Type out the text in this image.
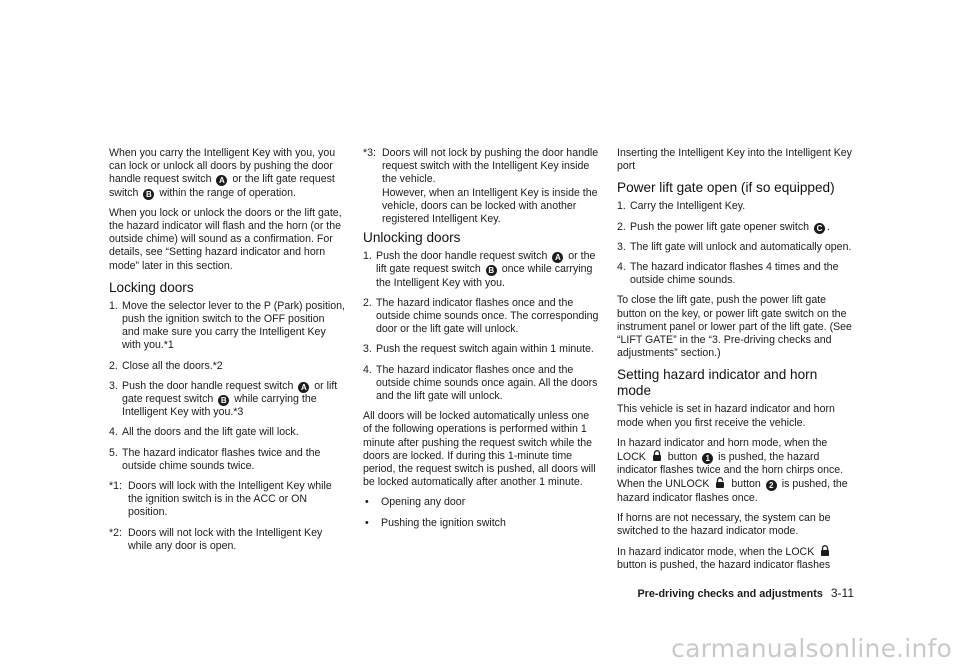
When you carry the Intelligent Key with you, you can lock or unlock all doors by pushing the door handle request switch A or the lift gate request switch B within the range of operation.

When you lock or unlock the doors or the lift gate, the hazard indicator will flash and the horn (or the outside chime) will sound as a confirmation. For details, see “Setting hazard indicator and horn mode” later in this section.

Locking doors
1. Move the selector lever to the P (Park) position, push the ignition switch to the OFF position and make sure you carry the Intelligent Key with you.*1
2. Close all the doors.*2
3. Push the door handle request switch A or lift gate request switch B while carrying the Intelligent Key with you.*3
4. All the doors and the lift gate will lock.
5. The hazard indicator flashes twice and the outside chime sounds twice.
*1: Doors will lock with the Intelligent Key while the ignition switch is in the ACC or ON position.
*2: Doors will not lock with the Intelligent Key while any door is open.
*3: Doors will not lock by pushing the door handle request switch with the Intelligent Key inside the vehicle.
However, when an Intelligent Key is inside the vehicle, doors can be locked with another registered Intelligent Key.
Unlocking doors
1. Push the door handle request switch A or the lift gate request switch B once while carrying the Intelligent Key with you.
2. The hazard indicator flashes once and the outside chime sounds once. The corresponding door or the lift gate will unlock.
3. Push the request switch again within 1 minute.
4. The hazard indicator flashes once and the outside chime sounds once again. All the doors and the lift gate will unlock.

All doors will be locked automatically unless one of the following operations is performed within 1 minute after pushing the request switch while the doors are locked. If during this 1-minute time period, the request switch is pushed, all doors will be locked automatically after another 1 minute.

• Opening any door
• Pushing the ignition switch

Inserting the Intelligent Key into the Intelligent Key port

Power lift gate open (if so equipped)
1. Carry the Intelligent Key.
2. Push the power lift gate opener switch C .
3. The lift gate will unlock and automatically open.
4. The hazard indicator flashes 4 times and the outside chime sounds.

To close the lift gate, push the power lift gate button on the key, or power lift gate switch on the instrument panel or lower part of the lift gate. (See “LIFT GATE” in the “3. Pre-driving checks and adjustments” section.)

Setting hazard indicator and horn mode

This vehicle is set in hazard indicator and horn mode when you first receive the vehicle.

In hazard indicator and horn mode, when the LOCK button 1 is pushed, the hazard indicator flashes twice and the horn chirps once. When the UNLOCK button 2 is pushed, the hazard indicator flashes once.

If horns are not necessary, the system can be switched to the hazard indicator mode.

In hazard indicator mode, when the LOCK
button is pushed, the hazard indicator flashes

Pre-driving checks and adjustments 3-11
carmanualsonline.info
